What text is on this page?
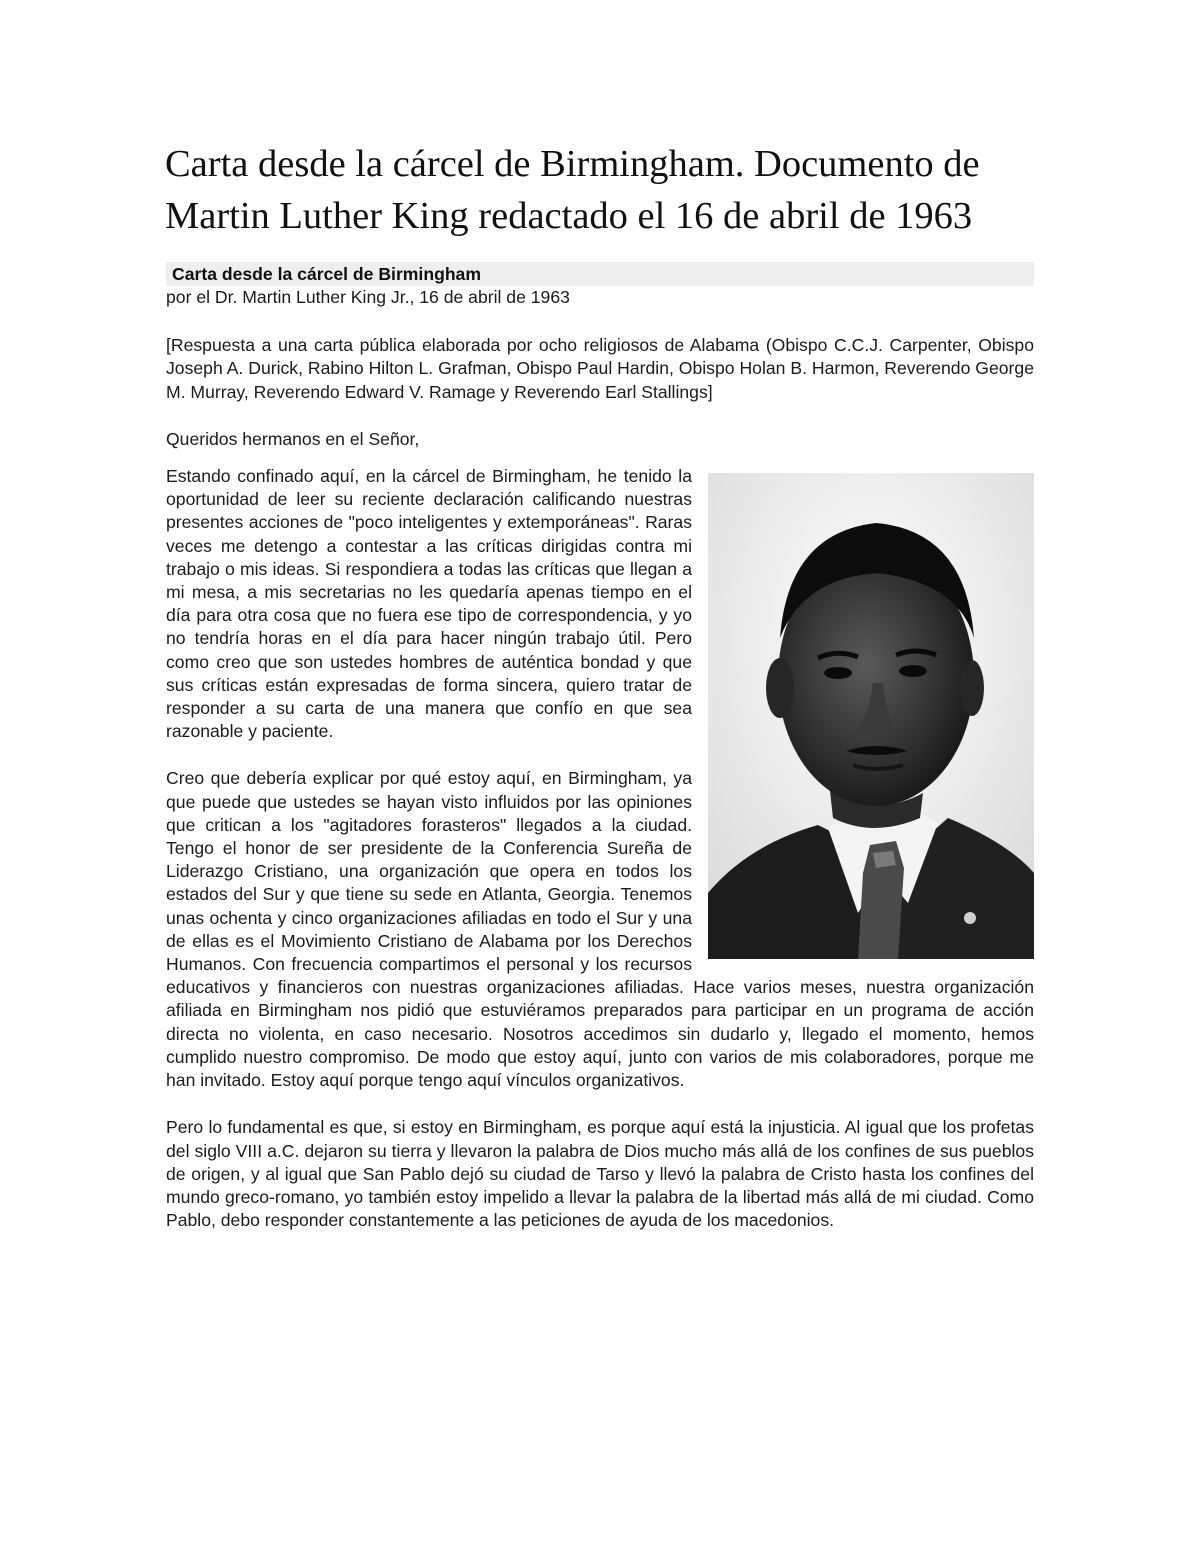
Carta desde la cárcel de Birmingham. Documento de Martin Luther King redactado el 16 de abril de 1963
Carta desde la cárcel de Birmingham
por el Dr. Martin Luther King Jr., 16 de abril de 1963
[Respuesta a una carta pública elaborada por ocho religiosos de Alabama (Obispo C.C.J. Carpenter, Obispo Joseph A. Durick, Rabino Hilton L. Grafman, Obispo Paul Hardin, Obispo Holan B. Harmon, Reverendo George M. Murray, Reverendo Edward V. Ramage y Reverendo Earl Stallings]
Queridos hermanos en el Señor,
Estando confinado aquí, en la cárcel de Birmingham, he tenido la oportunidad de leer su reciente declaración calificando nuestras presentes acciones de "poco inteligentes y extemporáneas". Raras veces me detengo a contestar a las críticas dirigidas contra mi trabajo o mis ideas. Si respondiera a todas las críticas que llegan a mi mesa, a mis secretarias no les quedaría apenas tiempo en el día para otra cosa que no fuera ese tipo de correspondencia, y yo no tendría horas en el día para hacer ningún trabajo útil. Pero como creo que son ustedes hombres de auténtica bondad y que sus críticas están expresadas de forma sincera, quiero tratar de responder a su carta de una manera que confío en que sea razonable y paciente.
Creo que debería explicar por qué estoy aquí, en Birmingham, ya que puede que ustedes se hayan visto influidos por las opiniones que critican a los "agitadores forasteros" llegados a la ciudad. Tengo el honor de ser presidente de la Conferencia Sureña de Liderazgo Cristiano, una organización que opera en todos los estados del Sur y que tiene su sede en Atlanta, Georgia. Tenemos unas ochenta y cinco organizaciones afiliadas en todo el Sur y una de ellas es el Movimiento Cristiano de Alabama por los Derechos Humanos. Con frecuencia compartimos el personal y los recursos educativos y financieros con nuestras organizaciones afiliadas. Hace varios meses, nuestra organización afiliada en Birmingham nos pidió que estuviéramos preparados para participar en un programa de acción directa no violenta, en caso necesario. Nosotros accedimos sin dudarlo y, llegado el momento, hemos cumplido nuestro compromiso. De modo que estoy aquí, junto con varios de mis colaboradores, porque me han invitado. Estoy aquí porque tengo aquí vínculos organizativos.
Pero lo fundamental es que, si estoy en Birmingham, es porque aquí está la injusticia. Al igual que los profetas del siglo VIII a.C. dejaron su tierra y llevaron la palabra de Dios mucho más allá de los confines de sus pueblos de origen, y al igual que San Pablo dejó su ciudad de Tarso y llevó la palabra de Cristo hasta los confines del mundo greco-romano, yo también estoy impelido a llevar la palabra de la libertad más allá de mi ciudad. Como Pablo, debo responder constantemente a las peticiones de ayuda de los macedonios.
